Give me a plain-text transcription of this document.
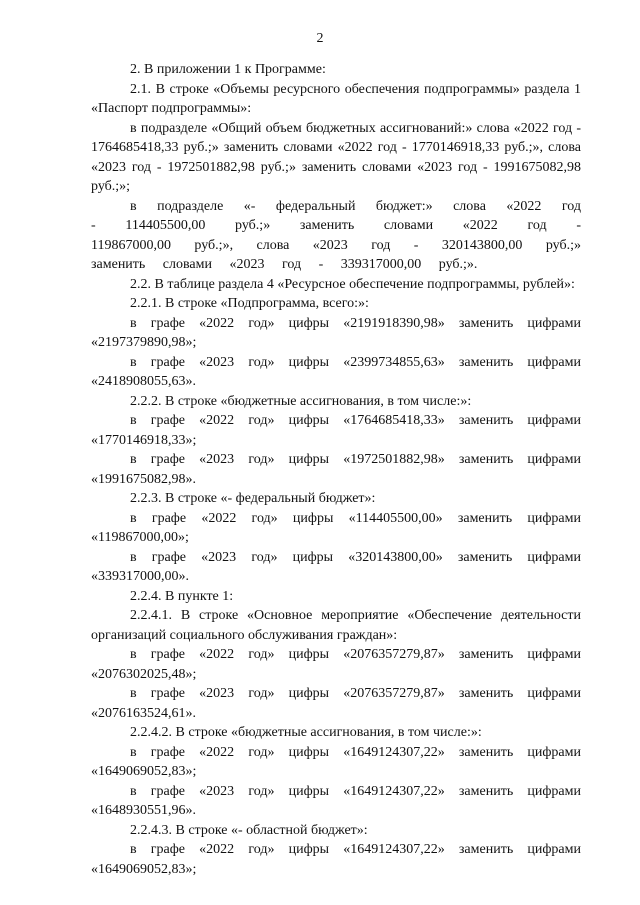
2

2. В приложении 1 к Программе:

2.1. В строке «Объемы ресурсного обеспечения подпрограммы» раздела 1 «Паспорт подпрограммы»:

в подразделе «Общий объем бюджетных ассигнований:» слова «2022 год - 1764685418,33 руб.;» заменить словами «2022 год - 1770146918,33 руб.;», слова «2023 год - 1972501882,98 руб.;» заменить словами «2023 год - 1991675082,98 руб.;»;

в подразделе «- федеральный бюджет:» слова «2022 год - 114405500,00 руб.;» заменить словами «2022 год - 119867000,00 руб.;», слова «2023 год - 320143800,00 руб.;» заменить словами «2023 год - 339317000,00 руб.;».

2.2. В таблице раздела 4 «Ресурсное обеспечение подпрограммы, рублей»:

2.2.1. В строке «Подпрограмма, всего:»:

в графе «2022 год» цифры «2191918390,98» заменить цифрами «2197379890,98»;

в графе «2023 год» цифры «2399734855,63» заменить цифрами «2418908055,63».

2.2.2. В строке «бюджетные ассигнования, в том числе:»:

в графе «2022 год» цифры «1764685418,33» заменить цифрами «1770146918,33»;

в графе «2023 год» цифры «1972501882,98» заменить цифрами «1991675082,98».

2.2.3. В строке «- федеральный бюджет»:

в графе «2022 год» цифры «114405500,00» заменить цифрами «119867000,00»;

в графе «2023 год» цифры «320143800,00» заменить цифрами «339317000,00».

2.2.4. В пункте 1:

2.2.4.1. В строке «Основное мероприятие «Обеспечение деятельности организаций социального обслуживания граждан»:

в графе «2022 год» цифры «2076357279,87» заменить цифрами «2076302025,48»;

в графе «2023 год» цифры «2076357279,87» заменить цифрами «2076163524,61».

2.2.4.2. В строке «бюджетные ассигнования, в том числе:»:

в графе «2022 год» цифры «1649124307,22» заменить цифрами «1649069052,83»;

в графе «2023 год» цифры «1649124307,22» заменить цифрами «1648930551,96».

2.2.4.3. В строке «- областной бюджет»:

в графе «2022 год» цифры «1649124307,22» заменить цифрами «1649069052,83»;
